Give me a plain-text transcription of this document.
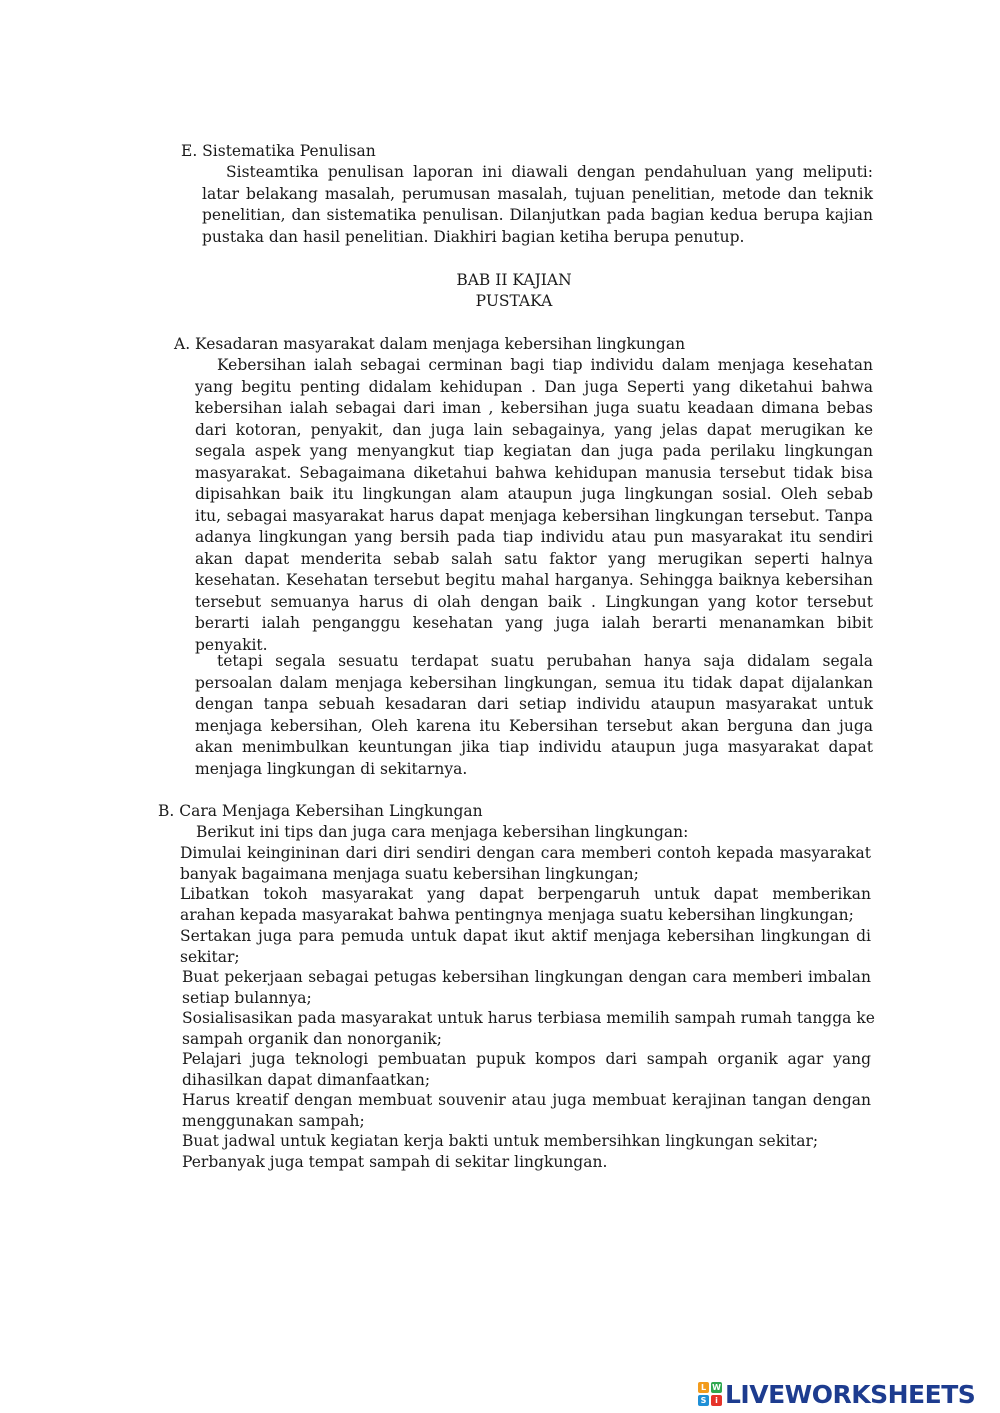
E. Sistematika Penulisan
Sisteamtika penulisan laporan ini diawali dengan pendahuluan yang meliputi:
latar belakang masalah, perumusan masalah, tujuan penelitian, metode dan teknik
penelitian, dan sistematika penulisan. Dilanjutkan pada bagian kedua berupa kajian
pustaka dan hasil penelitian. Diakhiri bagian ketiha berupa penutup.
BAB II KAJIAN
PUSTAKA
A. Kesadaran masyarakat dalam menjaga kebersihan lingkungan
Kebersihan ialah sebagai cerminan bagi tiap individu dalam menjaga kesehatan
yang begitu penting didalam kehidupan . Dan juga Seperti yang diketahui bahwa
kebersihan ialah sebagai dari iman , kebersihan juga suatu keadaan dimana bebas
dari kotoran, penyakit, dan juga lain sebagainya, yang jelas dapat merugikan ke
segala aspek yang menyangkut tiap kegiatan dan juga pada perilaku lingkungan
masyarakat. Sebagaimana diketahui bahwa kehidupan manusia tersebut tidak bisa
dipisahkan baik itu lingkungan alam ataupun juga lingkungan sosial. Oleh sebab
itu, sebagai masyarakat harus dapat menjaga kebersihan lingkungan tersebut. Tanpa
adanya lingkungan yang bersih pada tiap individu atau pun masyarakat itu sendiri
akan dapat menderita sebab salah satu faktor yang merugikan seperti halnya
kesehatan. Kesehatan tersebut begitu mahal harganya. Sehingga baiknya kebersihan
tersebut semuanya harus di olah dengan baik . Lingkungan yang kotor tersebut
berarti ialah penganggu kesehatan yang juga ialah berarti menanamkan bibit
penyakit.
tetapi segala sesuatu terdapat suatu perubahan hanya saja didalam segala
persoalan dalam menjaga kebersihan lingkungan, semua itu tidak dapat dijalankan
dengan tanpa sebuah kesadaran dari setiap individu ataupun masyarakat untuk
menjaga kebersihan, Oleh karena itu Kebersihan tersebut akan berguna dan juga
akan menimbulkan keuntungan jika tiap individu ataupun juga masyarakat dapat
menjaga lingkungan di sekitarnya.
B. Cara Menjaga Kebersihan Lingkungan
Berikut ini tips dan juga cara menjaga kebersihan lingkungan:
Dimulai keingininan dari diri sendiri dengan cara memberi contoh kepada masyarakat
banyak bagaimana menjaga suatu kebersihan lingkungan;
Libatkan tokoh masyarakat yang dapat berpengaruh untuk dapat memberikan
arahan kepada masyarakat bahwa pentingnya menjaga suatu kebersihan lingkungan;
Sertakan juga para pemuda untuk dapat ikut aktif menjaga kebersihan lingkungan di
sekitar;
Buat pekerjaan sebagai petugas kebersihan lingkungan dengan cara memberi imbalan
setiap bulannya;
Sosialisasikan pada masyarakat untuk harus terbiasa memilih sampah rumah tangga ke
sampah organik dan nonorganik;
Pelajari juga teknologi pembuatan pupuk kompos dari sampah organik agar yang
dihasilkan dapat dimanfaatkan;
Harus kreatif dengan membuat souvenir atau juga membuat kerajinan tangan dengan
menggunakan sampah;
Buat jadwal untuk kegiatan kerja bakti untuk membersihkan lingkungan sekitar;
Perbanyak juga tempat sampah di sekitar lingkungan.
L W
S	i LIVEWORKSHEETS
